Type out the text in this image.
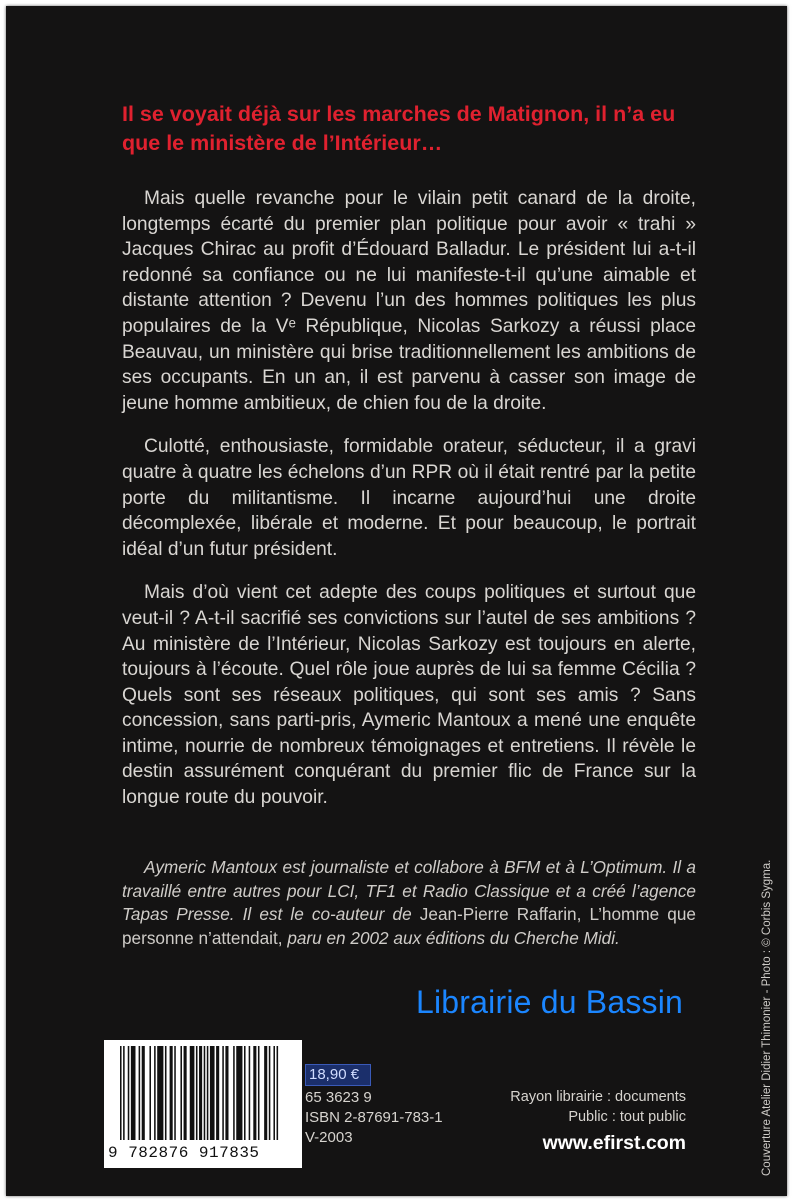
Il se voyait déjà sur les marches de Matignon, il n’a eu que le ministère de l’Intérieur…

Mais quelle revanche pour le vilain petit canard de la droite, longtemps écarté du premier plan politique pour avoir « trahi » Jacques Chirac au profit d’Édouard Balladur. Le président lui a-t-il redonné sa confiance ou ne lui manifeste-t-il qu’une aimable et distante attention ? Devenu l’un des hommes politiques les plus populaires de la Vᵉ République, Nicolas Sarkozy a réussi place Beauvau, un ministère qui brise traditionnellement les ambitions de ses occupants. En un an, il est parvenu à casser son image de jeune homme ambitieux, de chien fou de la droite.

Culotté, enthousiaste, formidable orateur, séducteur, il a gravi quatre à quatre les échelons d’un RPR où il était rentré par la petite porte du militantisme. Il incarne aujourd’hui une droite décomplexée, libérale et moderne. Et pour beaucoup, le portrait idéal d’un futur président.

Mais d’où vient cet adepte des coups politiques et surtout que veut-il ? A-t-il sacrifié ses convictions sur l’autel de ses ambitions ? Au ministère de l’Intérieur, Nicolas Sarkozy est toujours en alerte, toujours à l’écoute. Quel rôle joue auprès de lui sa femme Cécilia ? Quels sont ses réseaux politiques, qui sont ses amis ? Sans concession, sans parti-pris, Aymeric Mantoux a mené une enquête intime, nourrie de nombreux témoignages et entretiens. Il révèle le destin assurément conquérant du premier flic de France sur la longue route du pouvoir.

Aymeric Mantoux est journaliste et collabore à BFM et à L’Optimum. Il a travaillé entre autres pour LCI, TF1 et Radio Classique et a créé l’agence Tapas Presse. Il est le co-auteur de Jean-Pierre Raffarin, L’homme que personne n’attendait, paru en 2002 aux éditions du Cherche Midi.

Librairie du Bassin
9 782876 917835
18,90 €
65 3623 9
ISBN 2-87691-783-1
V-2003
Rayon librairie : documents
Public : tout public
www.efirst.com	Couverture Atelier Didier Thimonier - Photo : © Corbis Sygma.
